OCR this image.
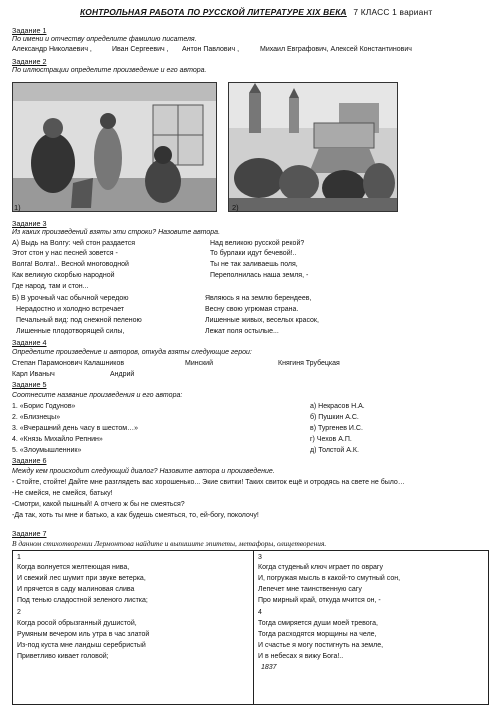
КОНТРОЛЬНАЯ РАБОТА ПО РУССКОЙ ЛИТЕРАТУРЕ XIX ВЕКА 7 КЛАСС 1 вариант
Задание 1
По имени и отчеству определите фамилию писателя.
Александр Николаевич ,	Иван Сергеевич , Антон Павлович ,	Михаил Евграфович, Алексей Константинович
Задание 2
По иллюстрации определите произведение и его автора.
1)	2)
Задание 3
Из каких произведений взяты эти строки? Назовите автора.
А) Выдь на Волгу: чей стон раздается
Этот стон у нас песней зовется -
Волга! Волга!.. Весной многоводной
Как великую скорбью народной
Где народ, там и стон...
Над великою русской рекой?
То бурлаки идут бечевой!..
Ты не так заливаешь поля,
Переполнилась наша земля, -
Б) В урочный час обычной чередою
Нерадостно и холодно встречает
Печальный вид: под снежной пеленою
Лишенные плодотворящей силы,
Являюсь я на землю берендеев,
Весну свою угрюмая страна.
Лишенные живых, веселых красок,
Лежат поля остылые...
Задание 4
Определите произведение и авторов, откуда взяты следующие герои:
Степан Парамонович Калашников	Минский	Княгиня Трубецкая
Карл Иваныч	Андрий
Задание 5
Соотнесите название произведения и его автора:
1. «Борис Годунов»
2. «Близнецы»
3. «Вчерашний день часу в шестом…»
4. «Князь Михайло Репнин»
5. «Злоумышленник»
а) Некрасов Н.А.
б) Пушкин А.С.
в) Тургенев И.С.
г) Чехов А.П.
д) Толстой А.К.
Задание 6
Между кем происходит следующий диалог? Назовите автора и произведение.
- Стойте, стойте! Дайте мне разглядеть вас хорошенько... Экие свитки! Таких свиток ещё и отродясь на свете не было…
-Не смейся, не смейся, батьку!
-Смотри, какой пышный! А отчего ж бы не смеяться?
-Да так, хоть ты мне и батько, а как будешь смеяться, то, ей-богу, поколочу!
Задание 7
В данном стихотворении Лермонтова найдите и выпишите эпитеты, метафоры, олицетворения.
1
Когда волнуется желтеющая нива,
И свежий лес шумит при звуке ветерка,
И прячется в саду малиновая слива
Под тенью сладостной зеленого листка;
2
Когда росой обрызганный душистой,
Румяным вечером иль утра в час златой
Из-под куста мне ландыш серебристый
Приветливо кивает головой;
3
Когда студеный ключ играет по оврагу
И, погружая мысль в какой-то смутный сон,
Лепечет мне таинственную сагу
Про мирный край, откуда мчится он, -
4
Тогда смиряется души моей тревога,
Тогда расходятся морщины на челе,
И счастье я могу постигнуть на земле,
И в небесах я вижу Бога!..
1837
